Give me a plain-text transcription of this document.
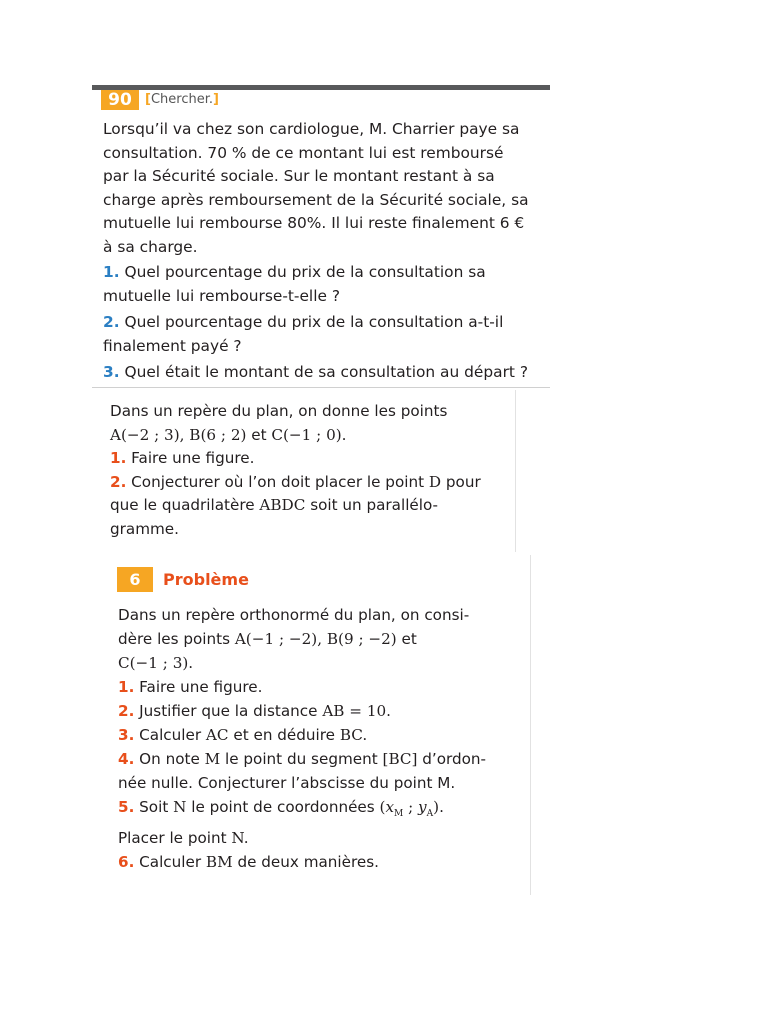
90	[Chercher.]

Lorsqu’il va chez son cardiologue, M. Charrier paye sa
consultation. 70 % de ce montant lui est remboursé
par la Sécurité sociale. Sur le montant restant à sa
charge après remboursement de la Sécurité sociale, sa
mutuelle lui rembourse 80%. Il lui reste finalement 6 €
à sa charge.

1. Quel pourcentage du prix de la consultation sa
mutuelle lui rembourse-t-elle ?

2. Quel pourcentage du prix de la consultation a-t-il
finalement payé ?

3. Quel était le montant de sa consultation au départ ?

Dans un repère du plan, on donne les points
A(−2 ; 3), B(6 ; 2) et C(−1 ; 0).
1. Faire une figure.
2. Conjecturer où l’on doit placer le point D pour
que le quadrilatère ABDC soit un parallélo-
gramme.

6	Problème

Dans un repère orthonormé du plan, on consi-
dère les points A(−1 ; −2), B(9 ; −2) et
C(−1 ; 3).
1. Faire une figure.
2. Justifier que la distance AB = 10.
3. Calculer AC et en déduire BC.
4. On note M le point du segment [BC] d’ordon-
née nulle. Conjecturer l’abscisse du point M.
5. Soit N le point de coordonnées ($x_M$ ; $y_A$).
Placer le point N.
6. Calculer BM de deux manières.
